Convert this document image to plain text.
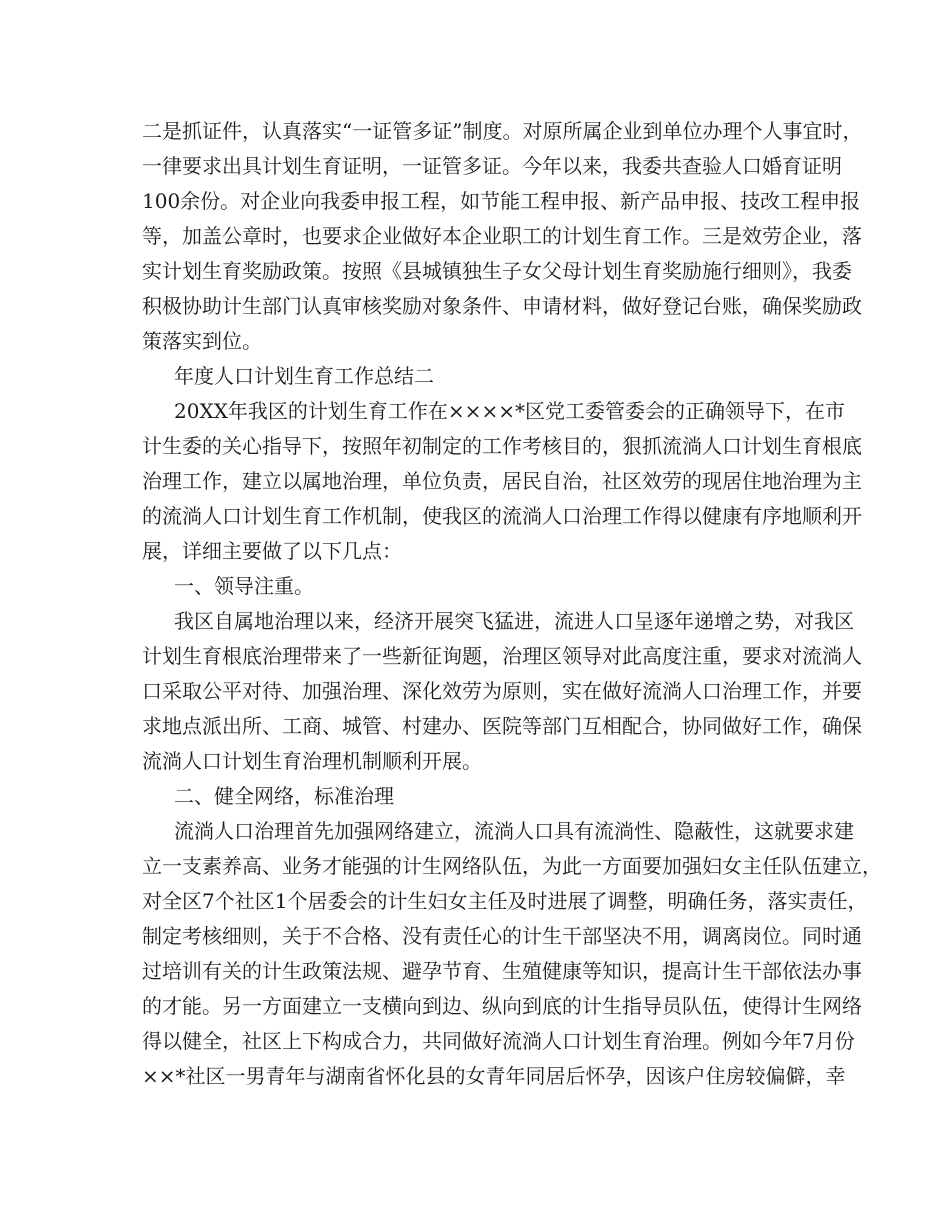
二是抓证件，认真落实“一证管多证”制度。对原所属企业到单位办理个人事宜时，
一律要求出具计划生育证明，一证管多证。今年以来，我委共查验人口婚育证明
100余份。对企业向我委申报工程，如节能工程申报、新产品申报、技改工程申报
等，加盖公章时，也要求企业做好本企业职工的计划生育工作。三是效劳企业，落
实计划生育奖励政策。按照《县城镇独生子女父母计划生育奖励施行细则》，我委
积极协助计生部门认真审核奖励对象条件、申请材料，做好登记台账，确保奖励政
策落实到位。
年度人口计划生育工作总结二
20XX年我区的计划生育工作在××××*区党工委管委会的正确领导下，在市
计生委的关心指导下，按照年初制定的工作考核目的，狠抓流淌人口计划生育根底
治理工作，建立以属地治理，单位负责，居民自治，社区效劳的现居住地治理为主
的流淌人口计划生育工作机制，使我区的流淌人口治理工作得以健康有序地顺利开
展，详细主要做了以下几点：
一、领导注重。
我区自属地治理以来，经济开展突飞猛进，流进人口呈逐年递增之势，对我区
计划生育根底治理带来了一些新征询题，治理区领导对此高度注重，要求对流淌人
口采取公平对待、加强治理、深化效劳为原则，实在做好流淌人口治理工作，并要
求地点派出所、工商、城管、村建办、医院等部门互相配合，协同做好工作，确保
流淌人口计划生育治理机制顺利开展。
二、健全网络，标准治理
流淌人口治理首先加强网络建立，流淌人口具有流淌性、隐蔽性，这就要求建
立一支素养高、业务才能强的计生网络队伍，为此一方面要加强妇女主任队伍建立，
对全区7个社区1个居委会的计生妇女主任及时进展了调整，明确任务，落实责任，
制定考核细则，关于不合格、没有责任心的计生干部坚决不用，调离岗位。同时通
过培训有关的计生政策法规、避孕节育、生殖健康等知识，提高计生干部依法办事
的才能。另一方面建立一支横向到边、纵向到底的计生指导员队伍，使得计生网络
得以健全，社区上下构成合力，共同做好流淌人口计划生育治理。例如今年7月份
××*社区一男青年与湖南省怀化县的女青年同居后怀孕，因该户住房较偏僻，幸
